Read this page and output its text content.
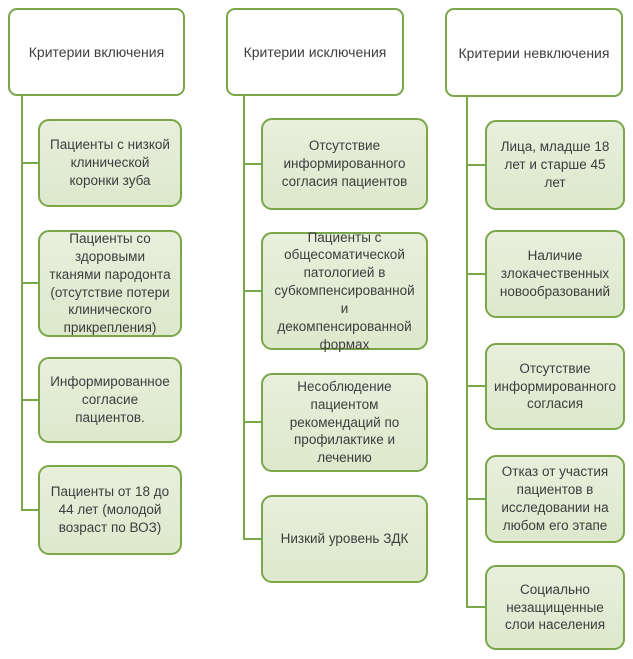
Критерии включения
Пациенты с низкой клинической коронки зуба
Пациенты со здоровыми тканями пародонта (отсутствие потери клинического прикрепления)
Информированное согласие пациентов.
Пациенты от 18 до 44 лет (молодой возраст по ВОЗ)
Критерии исключения
Отсутствие информированного согласия пациентов
Пациенты с общесоматической патологией в субкомпенсированной и декомпенсированной формах
Несоблюдение пациентом рекомендаций по профилактике и лечению
Низкий уровень ЗДК
Критерии невключения
Лица, младше 18 лет и старше 45 лет
Наличие злокачественных новообразований
Отсутствие информированного согласия
Отказ от участия пациентов в исследовании на любом его этапе
Социально незащищенные слои населения
